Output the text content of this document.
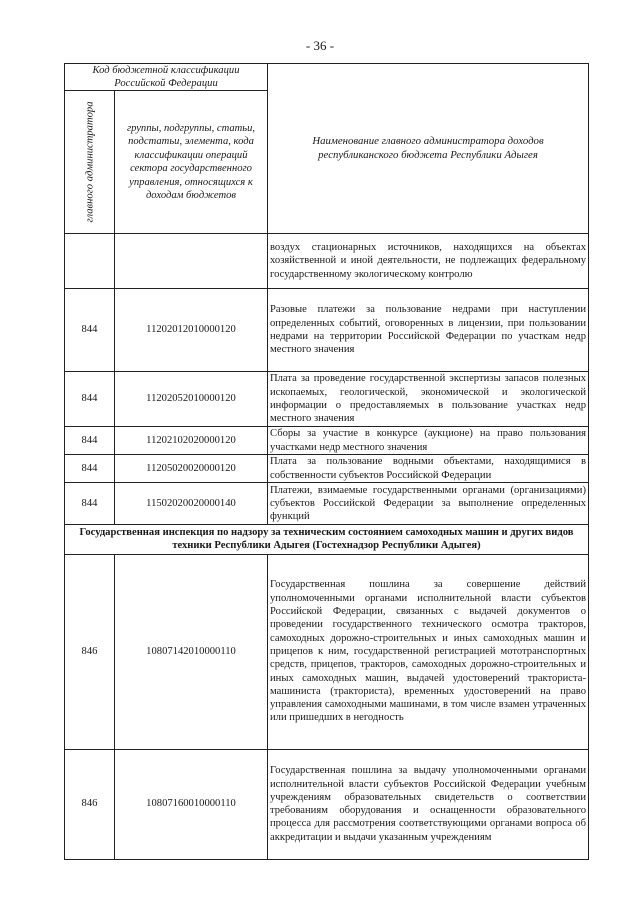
- 36 -
Код бюджетной классификации Российской Федерации		Наименование главного администратора доходов республиканского бюджета Республики Адыгея

главного администратора	группы, подгруппы, статьи, подстатьи, элемента, кода классификации операций сектора государственного управления, относящихся к доходам бюджетов	
		воздух стационарных источников, находящихся на объектах хозяйственной и иной деятельности, не подлежащих федеральному государственному экологическому контролю
844	11202012010000120	Разовые платежи за пользование недрами при наступлении определенных событий, оговоренных в лицензии, при пользовании недрами на территории Российской Федерации по участкам недр местного значения
844	11202052010000120	Плата за проведение государственной экспертизы запасов полезных ископаемых, геологической, экономической и экологической информации о предоставляемых в пользование участках недр местного значения
844	11202102020000120	Сборы за участие в конкурсе (аукционе) на право пользования участками недр местного значения
844	11205020020000120	Плата за пользование водными объектами, находящимися в собственности субъектов Российской Федерации
844	11502020020000140	Платежи, взимаемые государственными органами (организациями) субъектов Российской Федерации за выполнение определенных функций
Государственная инспекция по надзору за техническим состоянием самоходных машин и других видов техники Республики Адыгея (Гостехнадзор Республики Адыгея)		
846	10807142010000110	Государственная пошлина за совершение действий уполномоченными органами исполнительной власти субъектов Российской Федерации, связанных с выдачей документов о проведении государственного технического осмотра тракторов, самоходных дорожно-строительных и иных самоходных машин и прицепов к ним, государственной регистрацией мототранспортных средств, прицепов, тракторов, самоходных дорожно-строительных и иных самоходных машин, выдачей удостоверений тракториста-машиниста (тракториста), временных удостоверений на право управления самоходными машинами, в том числе взамен утраченных или пришедших в негодность
846	10807160010000110	Государственная пошлина за выдачу уполномоченными органами исполнительной власти субъектов Российской Федерации учебным учреждениям образовательных свидетельств о соответствии требованиям оборудования и оснащенности образовательного процесса для рассмотрения соответствующими органами вопроса об аккредитации и выдачи указанным учреждениям
